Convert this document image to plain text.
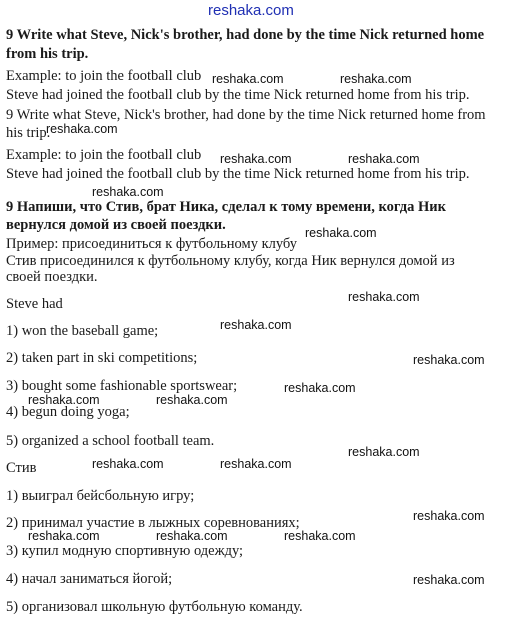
reshaka.com
9 Write what Steve, Nick's brother, had done by the time Nick returned home
from his trip.
Example: to join the football club
Steve had joined the football club by the time Nick returned home from his trip.
9 Write what Steve, Nick's brother, had done by the time Nick returned home from
his trip.
Example: to join the football club
Steve had joined the football club by the time Nick returned home from his trip.
9 Напиши, что Стив, брат Ника, сделал к тому времени, когда Ник
вернулся домой из своей поездки.
Пример: присоединиться к футбольному клубу
Стив присоединился к футбольному клубу, когда Ник вернулся домой из
своей поездки.
Steve had
1) won the baseball game;
2) taken part in ski competitions;
3) bought some fashionable sportswear;
4) begun doing yoga;
5) organized a school football team.
Стив
1) выиграл бейсбольную игру;
2) принимал участие в лыжных соревнованиях;
3) купил модную спортивную одежду;
4) начал заниматься йогой;
5) организовал школьную футбольную команду.
reshaka.com	reshaka.com
reshaka.com
reshaka.com	reshaka.com
reshaka.com
reshaka.com
reshaka.com
reshaka.com
reshaka.com
reshaka.com
reshaka.com	reshaka.com
reshaka.com
reshaka.com	reshaka.com
reshaka.com
reshaka.com	reshaka.com	reshaka.com
reshaka.com
